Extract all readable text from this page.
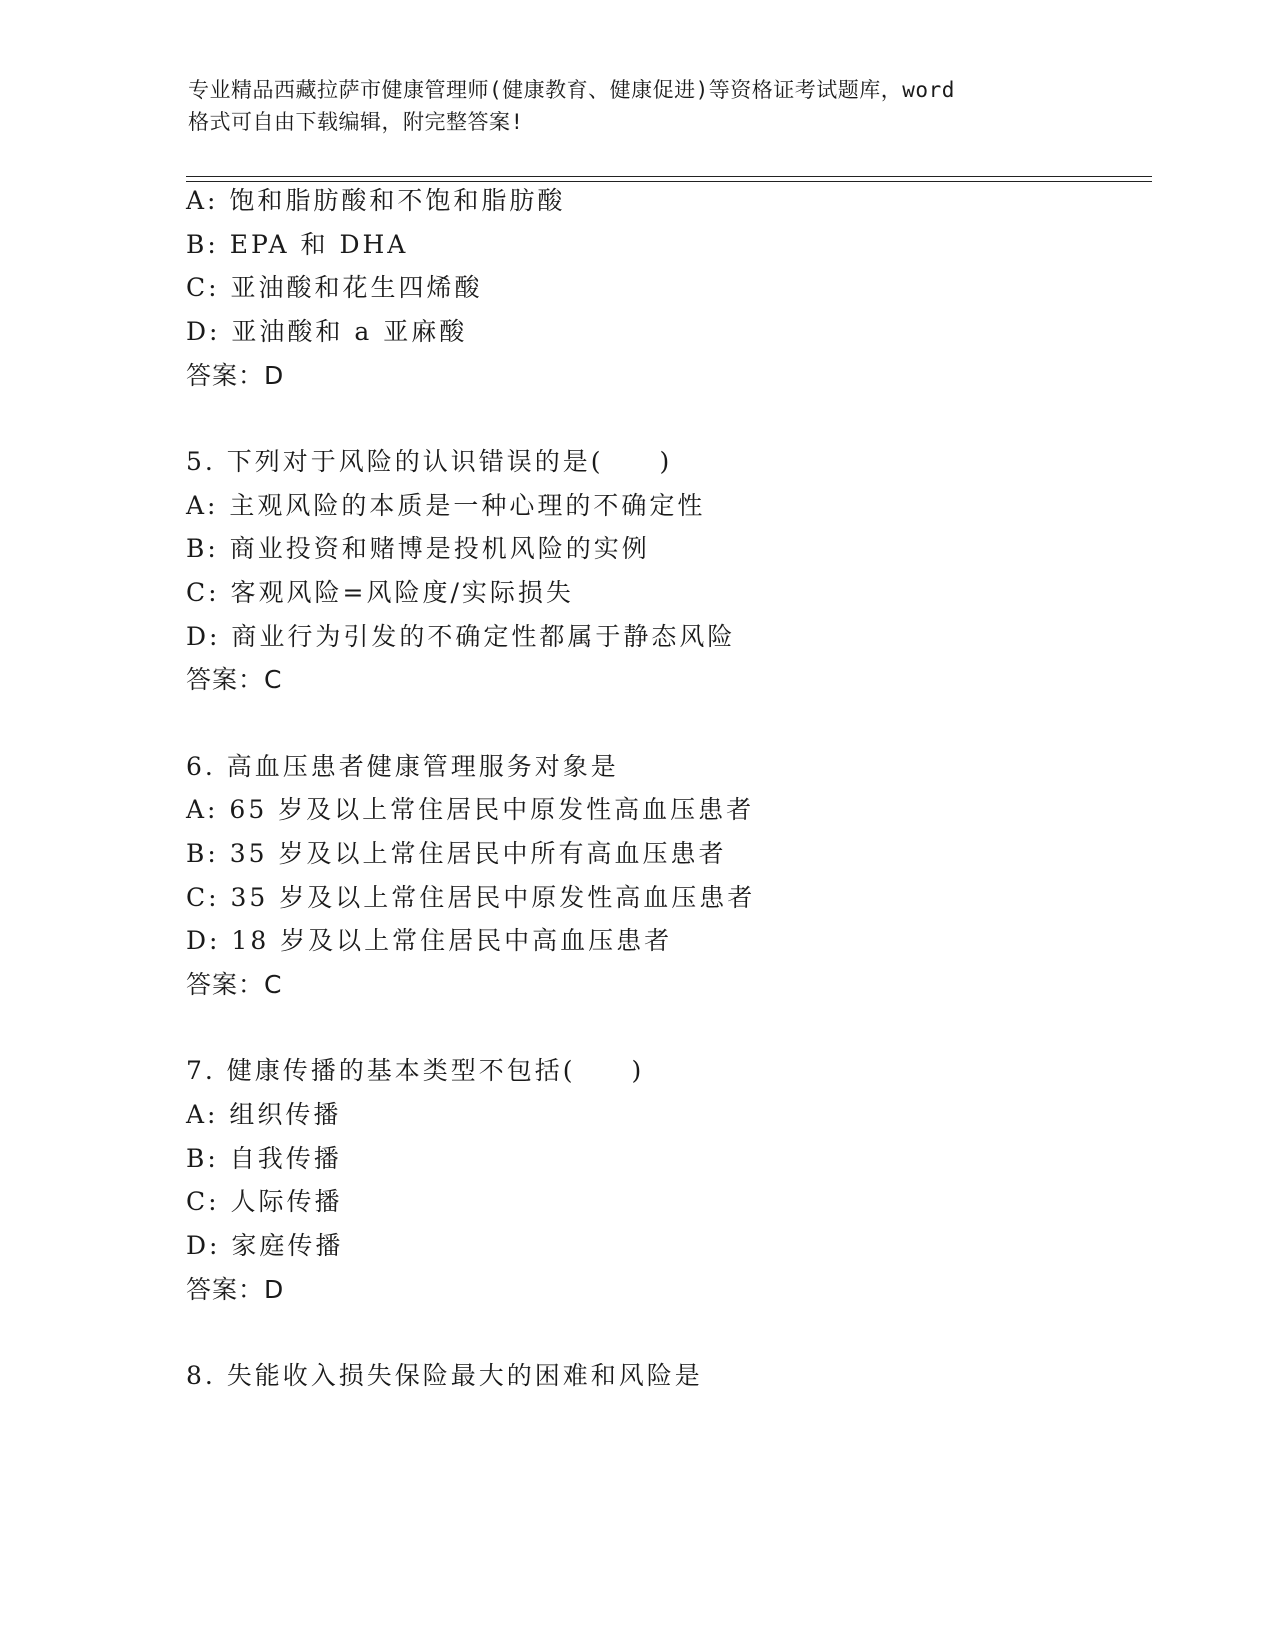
专业精品西藏拉萨市健康管理师(健康教育、健康促进)等资格证考试题库，word
格式可自由下载编辑，附完整答案!
A: 饱和脂肪酸和不饱和脂肪酸
B: EPA 和 DHA
C: 亚油酸和花生四烯酸
D: 亚油酸和 a 亚麻酸
答案：D
5. 下列对于风险的认识错误的是(　　)
A: 主观风险的本质是一种心理的不确定性
B: 商业投资和赌博是投机风险的实例
C: 客观风险=风险度/实际损失
D: 商业行为引发的不确定性都属于静态风险
答案：C
6. 高血压患者健康管理服务对象是
A: 65 岁及以上常住居民中原发性高血压患者
B: 35 岁及以上常住居民中所有高血压患者
C: 35 岁及以上常住居民中原发性高血压患者
D: 18 岁及以上常住居民中高血压患者
答案：C
7. 健康传播的基本类型不包括(　　)
A: 组织传播
B: 自我传播
C: 人际传播
D: 家庭传播
答案：D
8. 失能收入损失保险最大的困难和风险是
